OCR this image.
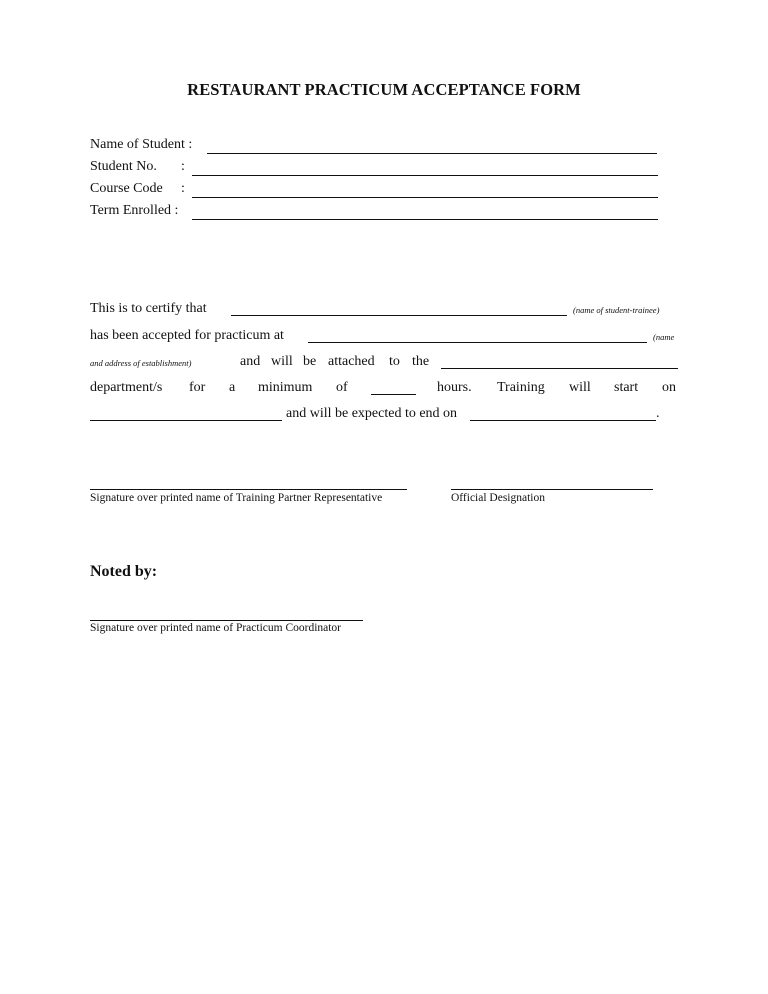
RESTAURANT PRACTICUM ACCEPTANCE FORM
Name of Student :
Student No. :
Course Code :
Term Enrolled :
This is to certify that	(name of student-trainee)
has been accepted for practicum at	(name
and address of establishment)	and will be attached to the
department/s for a minimum of	hours. Training will start on
and will be expected to end on	.
Signature over printed name of Training Partner Representative	Official Designation
Noted by:
Signature over printed name of Practicum Coordinator
